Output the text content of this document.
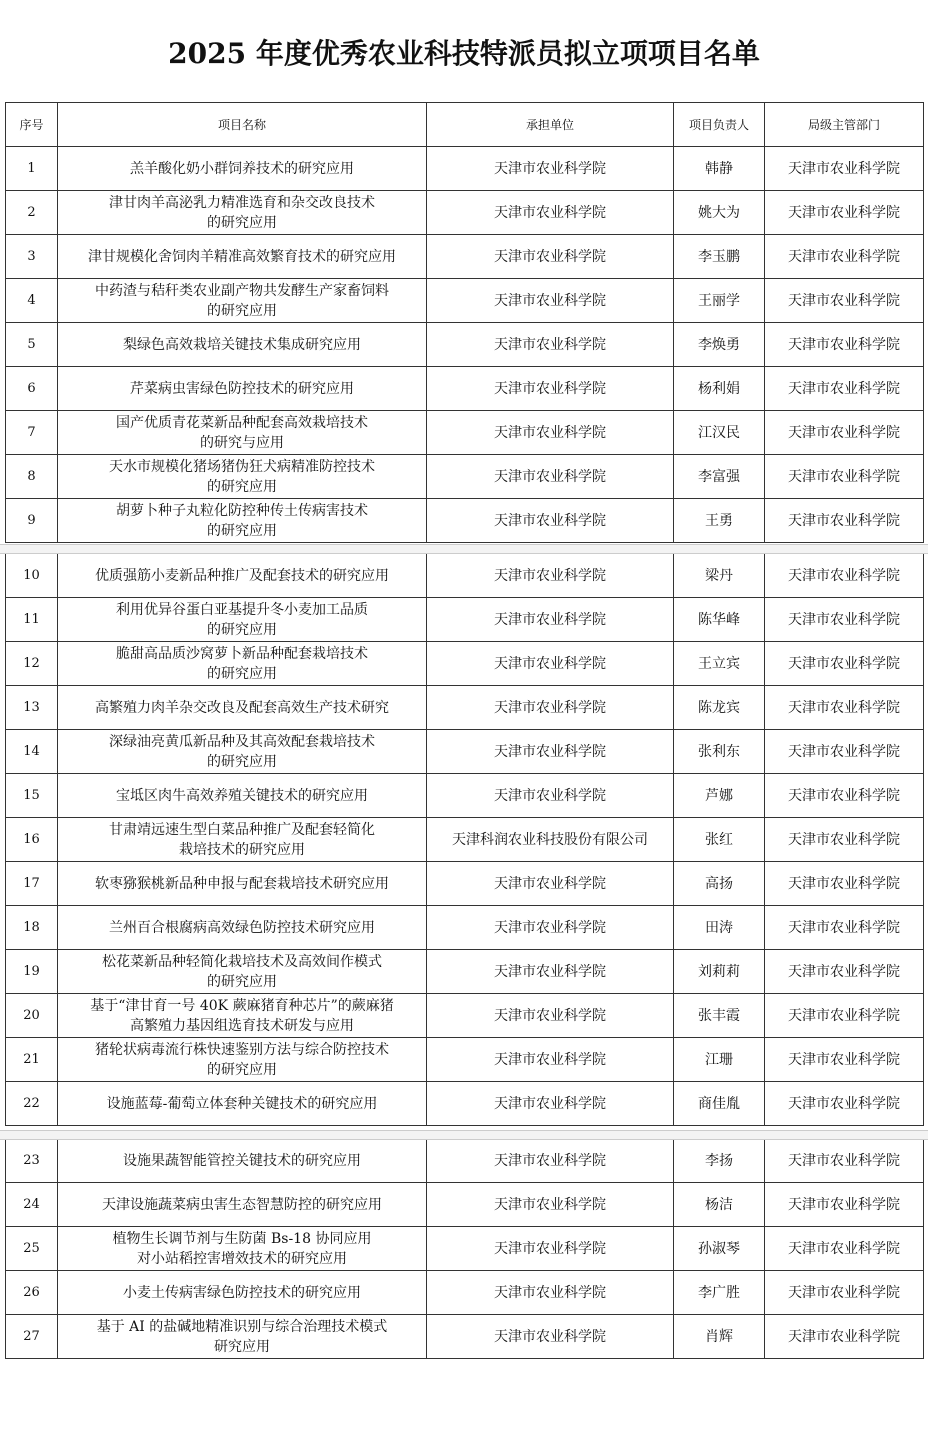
2025 年度优秀农业科技特派员拟立项项目名单
序号	项目名称	承担单位	项目负责人	局级主管部门
1	羔羊酸化奶小群饲养技术的研究应用	天津市农业科学院	韩静	天津市农业科学院
2	津甘肉羊高泌乳力精准选育和杂交改良技术
的研究应用	天津市农业科学院	姚大为	天津市农业科学院
3	津甘规模化舍饲肉羊精准高效繁育技术的研究应用	天津市农业科学院	李玉鹏	天津市农业科学院
4	中药渣与秸秆类农业副产物共发酵生产家畜饲料
的研究应用	天津市农业科学院	王丽学	天津市农业科学院
5	梨绿色高效栽培关键技术集成研究应用	天津市农业科学院	李焕勇	天津市农业科学院
6	芹菜病虫害绿色防控技术的研究应用	天津市农业科学院	杨利娟	天津市农业科学院
7	国产优质青花菜新品种配套高效栽培技术
的研究与应用	天津市农业科学院	江汉民	天津市农业科学院
8	天水市规模化猪场猪伪狂犬病精准防控技术
的研究应用	天津市农业科学院	李富强	天津市农业科学院
9	胡萝卜种子丸粒化防控种传土传病害技术
的研究应用	天津市农业科学院	王勇	天津市农业科学院
10	优质强筋小麦新品种推广及配套技术的研究应用	天津市农业科学院	梁丹	天津市农业科学院
11	利用优异谷蛋白亚基提升冬小麦加工品质
的研究应用	天津市农业科学院	陈华峰	天津市农业科学院
12	脆甜高品质沙窝萝卜新品种配套栽培技术
的研究应用	天津市农业科学院	王立宾	天津市农业科学院
13	高繁殖力肉羊杂交改良及配套高效生产技术研究	天津市农业科学院	陈龙宾	天津市农业科学院
14	深绿油亮黄瓜新品种及其高效配套栽培技术
的研究应用	天津市农业科学院	张利东	天津市农业科学院
15	宝坻区肉牛高效养殖关键技术的研究应用	天津市农业科学院	芦娜	天津市农业科学院
16	甘肃靖远速生型白菜品种推广及配套轻简化
栽培技术的研究应用	天津科润农业科技股份有限公司	张红	天津市农业科学院
17	软枣猕猴桃新品种申报与配套栽培技术研究应用	天津市农业科学院	高扬	天津市农业科学院
18	兰州百合根腐病高效绿色防控技术研究应用	天津市农业科学院	田涛	天津市农业科学院
19	松花菜新品种轻简化栽培技术及高效间作模式
的研究应用	天津市农业科学院	刘莉莉	天津市农业科学院
20	基于“津甘育一号 40K 蕨麻猪育种芯片”的蕨麻猪
高繁殖力基因组选育技术研发与应用	天津市农业科学院	张丰霞	天津市农业科学院
21	猪轮状病毒流行株快速鉴别方法与综合防控技术
的研究应用	天津市农业科学院	江珊	天津市农业科学院
22	设施蓝莓-葡萄立体套种关键技术的研究应用	天津市农业科学院	商佳胤	天津市农业科学院
23	设施果蔬智能管控关键技术的研究应用	天津市农业科学院	李扬	天津市农业科学院
24	天津设施蔬菜病虫害生态智慧防控的研究应用	天津市农业科学院	杨洁	天津市农业科学院
25	植物生长调节剂与生防菌 Bs-18 协同应用
对小站稻控害增效技术的研究应用	天津市农业科学院	孙淑琴	天津市农业科学院
26	小麦土传病害绿色防控技术的研究应用	天津市农业科学院	李广胜	天津市农业科学院
27	基于 AI 的盐碱地精准识别与综合治理技术模式
研究应用	天津市农业科学院	肖辉	天津市农业科学院
